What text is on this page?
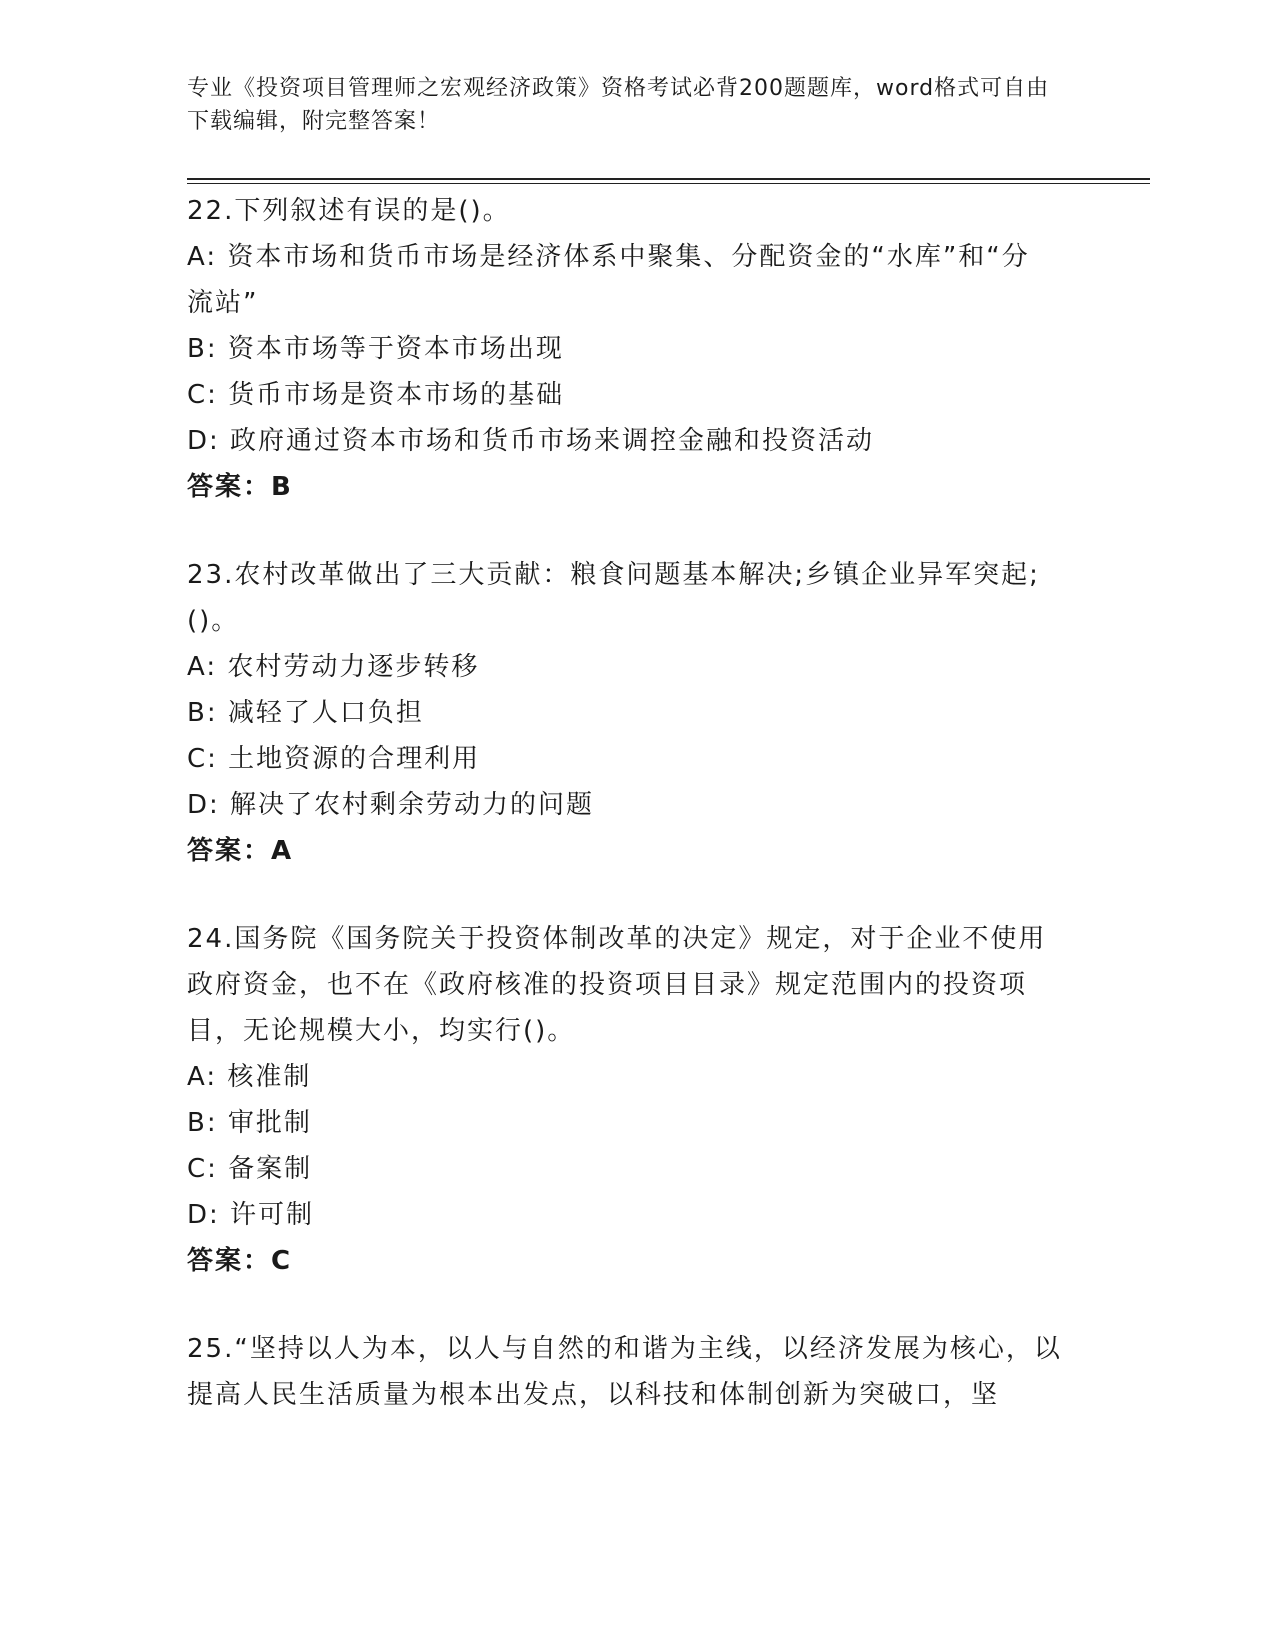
专业《投资项目管理师之宏观经济政策》资格考试必背200题题库，word格式可自由下载编辑，附完整答案！
22.下列叙述有误的是()。
A: 资本市场和货币市场是经济体系中聚集、分配资金的“水库”和“分流站”
B: 资本市场等于资本市场出现
C: 货币市场是资本市场的基础
D: 政府通过资本市场和货币市场来调控金融和投资活动
答案：B
23.农村改革做出了三大贡献：粮食问题基本解决;乡镇企业异军突起;()。
A: 农村劳动力逐步转移
B: 减轻了人口负担
C: 土地资源的合理利用
D: 解决了农村剩余劳动力的问题
答案：A
24.国务院《国务院关于投资体制改革的决定》规定，对于企业不使用政府资金，也不在《政府核准的投资项目目录》规定范围内的投资项目，无论规模大小，均实行()。
A: 核准制
B: 审批制
C: 备案制
D: 许可制
答案：C
25.“坚持以人为本，以人与自然的和谐为主线，以经济发展为核心，以提高人民生活质量为根本出发点，以科技和体制创新为突破口，坚
